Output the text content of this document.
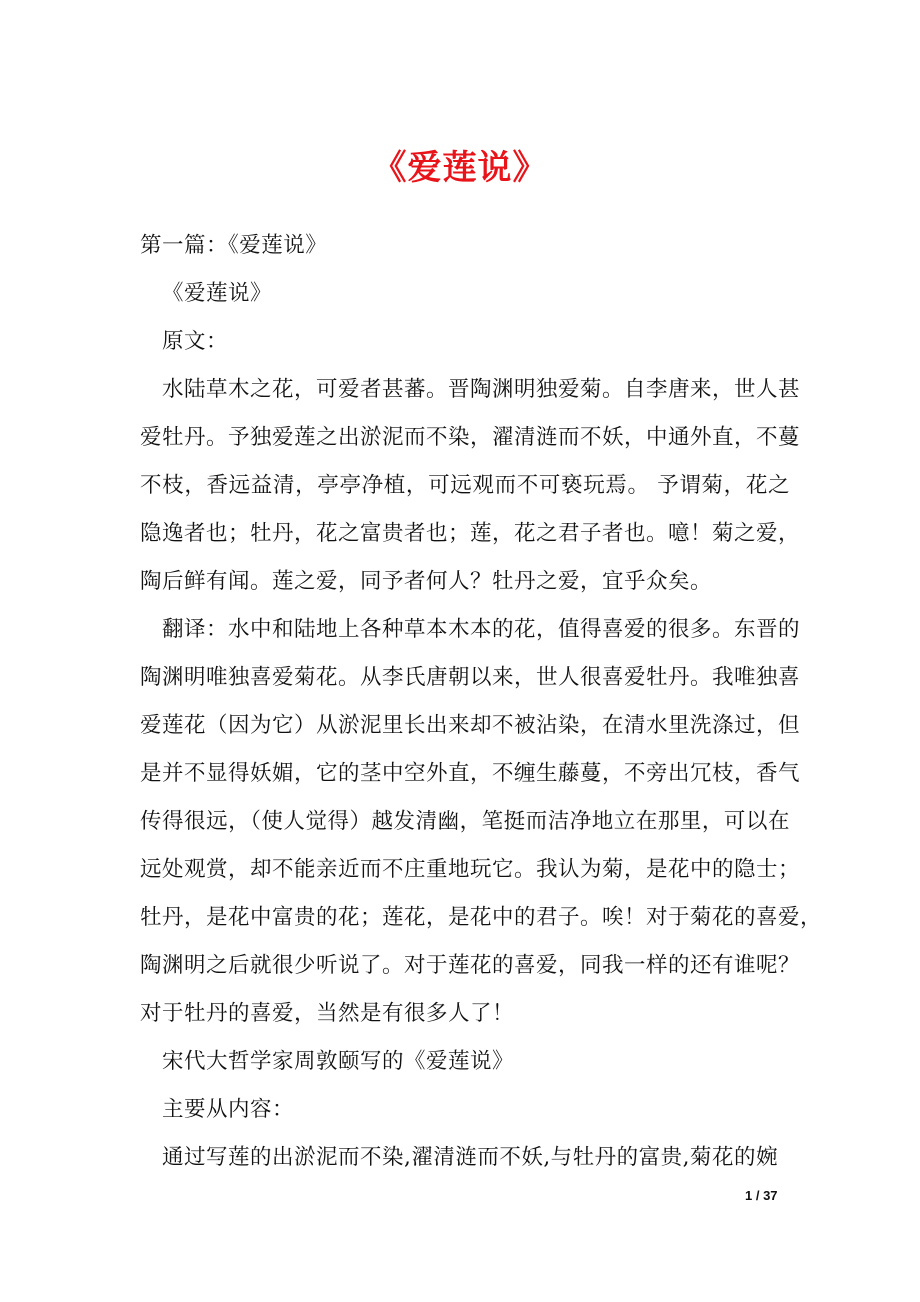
《爱莲说》
第一篇：《爱莲说》
《爱莲说》
原文：
水陆草木之花，可爱者甚蕃。晋陶渊明独爱菊。自李唐来，世人甚
爱牡丹。予独爱莲之出淤泥而不染，濯清涟而不妖，中通外直，不蔓
不枝，香远益清，亭亭净植，可远观而不可亵玩焉。 予谓菊，花之
隐逸者也；牡丹，花之富贵者也；莲，花之君子者也。噫！菊之爱，
陶后鲜有闻。莲之爱，同予者何人？牡丹之爱，宜乎众矣。
翻译：水中和陆地上各种草本木本的花，值得喜爱的很多。东晋的
陶渊明唯独喜爱菊花。从李氏唐朝以来，世人很喜爱牡丹。我唯独喜
爱莲花（因为它）从淤泥里长出来却不被沾染，在清水里洗涤过，但
是并不显得妖媚，它的茎中空外直，不缠生藤蔓，不旁出冗枝，香气
传得很远，（使人觉得）越发清幽，笔挺而洁净地立在那里，可以在
远处观赏，却不能亲近而不庄重地玩它。我认为菊，是花中的隐士；
牡丹，是花中富贵的花；莲花，是花中的君子。唉！对于菊花的喜爱，
陶渊明之后就很少听说了。对于莲花的喜爱，同我一样的还有谁呢？
对于牡丹的喜爱，当然是有很多人了！
宋代大哲学家周敦颐写的《爱莲说》
主要从内容：
通过写莲的出淤泥而不染,濯清涟而不妖,与牡丹的富贵,菊花的婉
1 / 37
